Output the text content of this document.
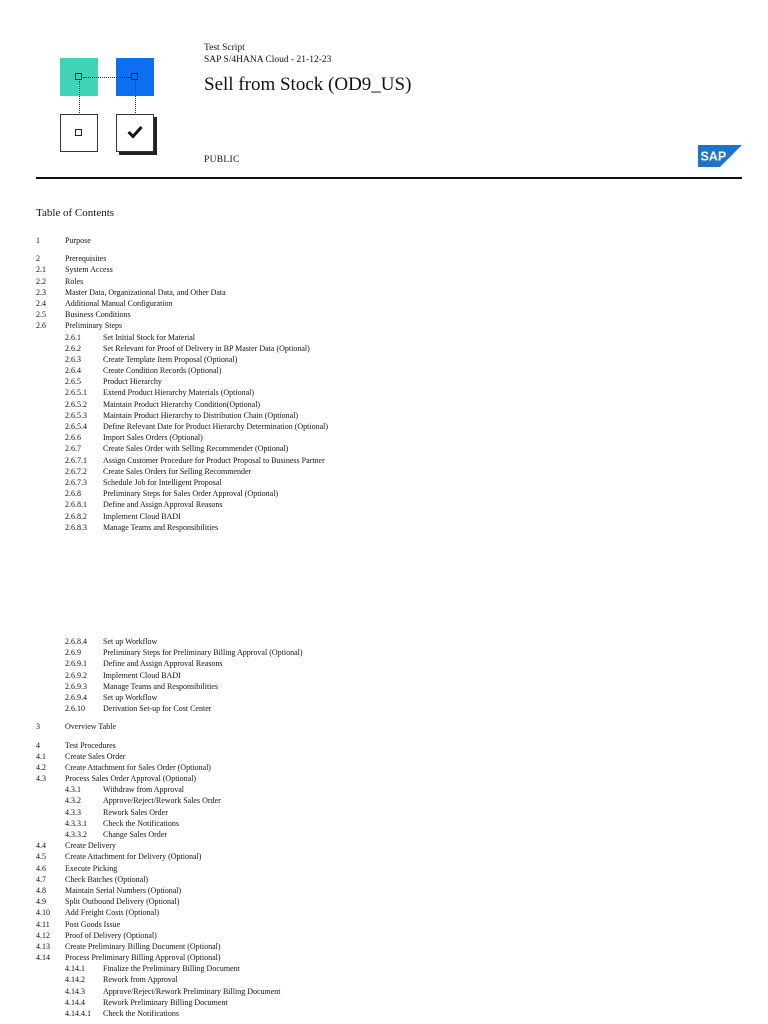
Test Script
SAP S/4HANA Cloud - 21-12-23
Sell from Stock (OD9_US)
PUBLIC	SAP
Table of Contents
1	Purpose
2	Prerequisites
2.1 System Access
2.2 Roles
2.3 Master Data, Organizational Data, and Other Data
2.4 Additional Manual Configuration
2.5 Business Conditions
2.6 Preliminary Steps
2.6.1	Set Initial Stock for Material
2.6.2	Set Relevant for Proof of Delivery in BP Master Data (Optional)
2.6.3	Create Template Item Proposal (Optional)
2.6.4	Create Condition Records (Optional)
2.6.5	Product Hierarchy
2.6.5.1 Extend Product Hierarchy Materials (Optional)
2.6.5.2 Maintain Product Hierarchy Condition(Optional)
2.6.5.3 Maintain Product Hierarchy to Distribution Chain (Optional)
2.6.5.4 Define Relevant Date for Product Hierarchy Determination (Optional)
2.6.6	Import Sales Orders (Optional)
2.6.7	Create Sales Order with Selling Recommender (Optional)
2.6.7.1 Assign Customer Procedure for Product Proposal to Business Partner
2.6.7.2 Create Sales Orders for Selling Recommender
2.6.7.3 Schedule Job for Intelligent Proposal
2.6.8	Preliminary Steps for Sales Order Approval (Optional)
2.6.8.1 Define and Assign Approval Reasons
2.6.8.2 Implement Cloud BADI
2.6.8.3 Manage Teams and Responsibilities
2.6.8.4 Set up Workflow
2.6.9	Preliminary Steps for Preliminary Billing Approval (Optional)
2.6.9.1 Define and Assign Approval Reasons
2.6.9.2 Implement Cloud BADI
2.6.9.3 Manage Teams and Responsibilities
2.6.9.4 Set up Workflow
2.6.10 Derivation Set-up for Cost Center
3	Overview Table
4	Test Procedures
4.1 Create Sales Order
4.2 Create Attachment for Sales Order (Optional)
4.3 Process Sales Order Approval (Optional)
4.3.1	Withdraw from Approval
4.3.2	Approve/Reject/Rework Sales Order
4.3.3	Rework Sales Order
4.3.3.1 Check the Notifications
4.3.3.2 Change Sales Order
4.4 Create Delivery
4.5 Create Attachment for Delivery (Optional)
4.6 Execute Picking
4.7 Check Batches (Optional)
4.8 Maintain Serial Numbers (Optional)
4.9 Split Outbound Delivery (Optional)
4.10 Add Freight Costs (Optional)
4.11 Post Goods Issue
4.12 Proof of Delivery (Optional)
4.13 Create Preliminary Billing Document (Optional)
4.14 Process Preliminary Billing Approval (Optional)
4.14.1 Finalize the Preliminary Billing Document
4.14.2 Rework from Approval
4.14.3 Approve/Reject/Rework Preliminary Billing Document
4.14.4 Rework Preliminary Billing Document
4.14.4.1 Check the Notifications
